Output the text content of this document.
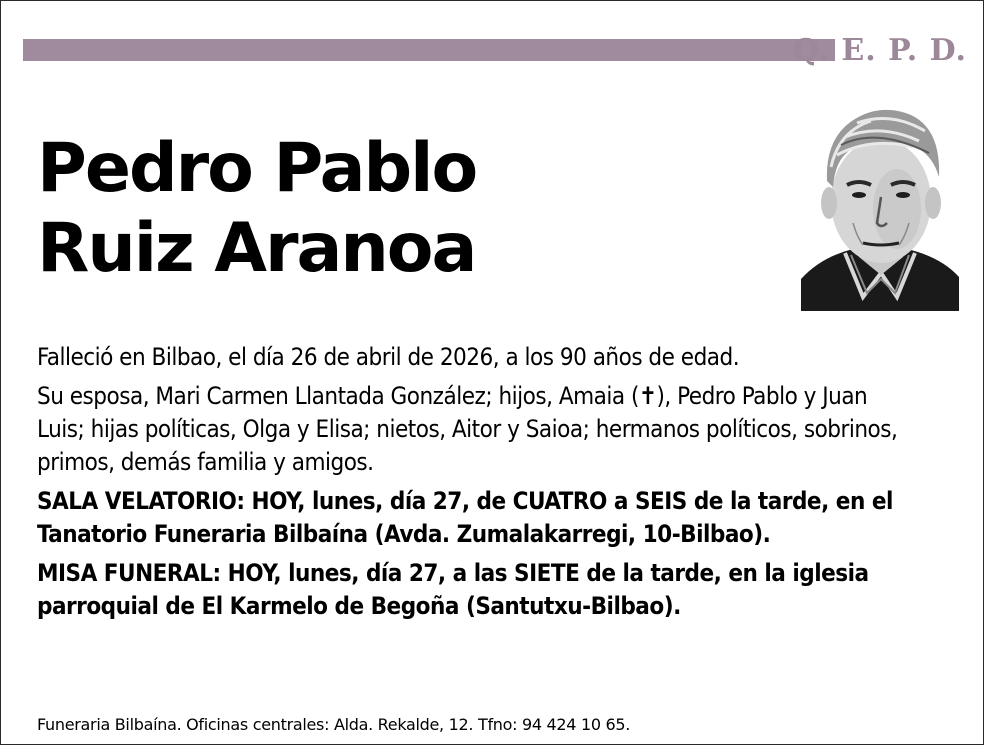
Q. E. P. D.
Pedro Pablo
Ruiz Aranoa

Falleció en Bilbao, el día 26 de abril de 2026, a los 90 años de edad.

Su esposa, Mari Carmen Llantada González; hijos, Amaia (✝), Pedro Pablo y Juan Luis; hijas políticas, Olga y Elisa; nietos, Aitor y Saioa; hermanos políticos, sobrinos, primos, demás familia y amigos.

SALA VELATORIO: HOY, lunes, día 27, de CUATRO a SEIS de la tarde, en el Tanatorio Funeraria Bilbaína (Avda. Zumalakarregi, 10-Bilbao).

MISA FUNERAL: HOY, lunes, día 27, a las SIETE de la tarde, en la iglesia parroquial de El Karmelo de Begoña (Santutxu-Bilbao).

Funeraria Bilbaína. Oficinas centrales: Alda. Rekalde, 12. Tfno: 94 424 10 65.
